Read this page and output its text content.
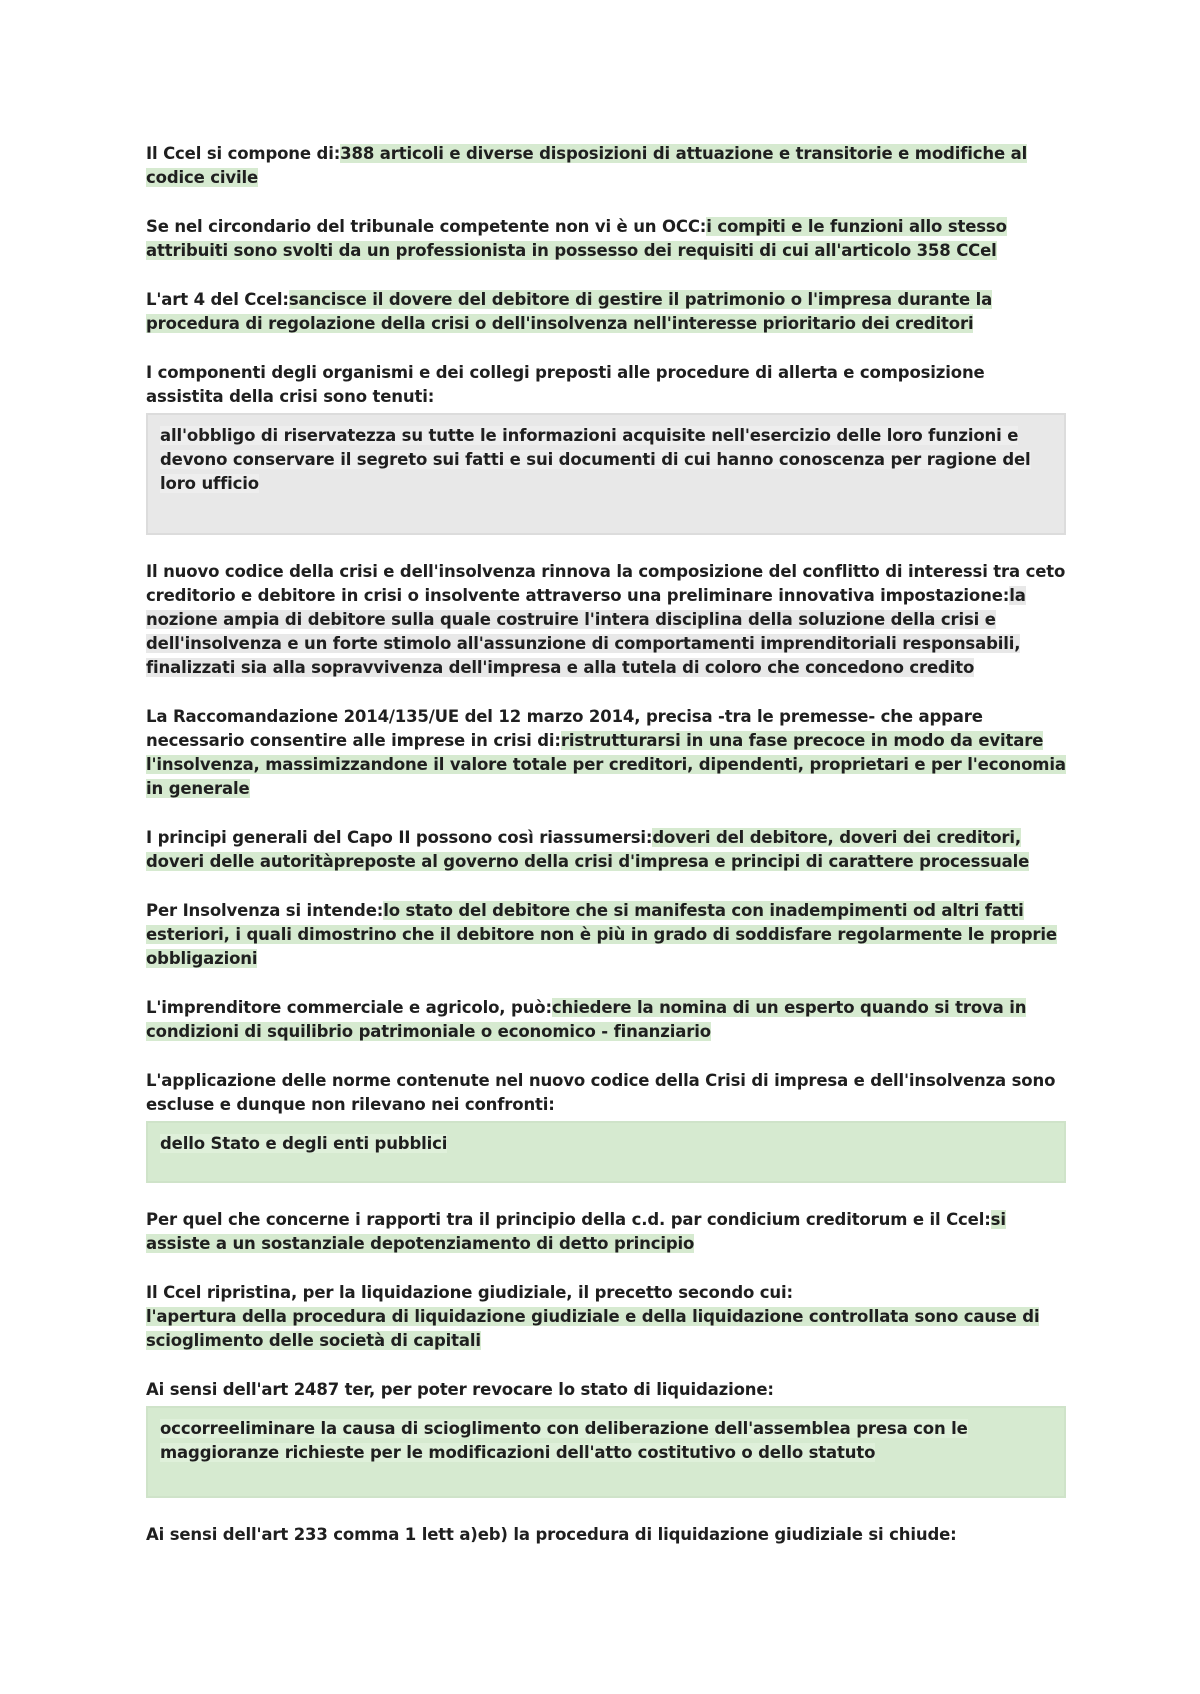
Il Ccel si compone di:388 articoli e diverse disposizioni di attuazione e transitorie e modifiche al codice civile
Se nel circondario del tribunale competente non vi è un OCC:i compiti e le funzioni allo stesso attribuiti sono svolti da un professionista in possesso dei requisiti di cui all'articolo 358 CCel
L'art 4 del Ccel:sancisce il dovere del debitore di gestire il patrimonio o l'impresa durante la procedura di regolazione della crisi o dell'insolvenza nell'interesse prioritario dei creditori
I componenti degli organismi e dei collegi preposti alle procedure di allerta e composizione assistita della crisi sono tenuti:
all'obbligo di riservatezza su tutte le informazioni acquisite nell'esercizio delle loro funzioni e devono conservare il segreto sui fatti e sui documenti di cui hanno conoscenza per ragione del loro ufficio
Il nuovo codice della crisi e dell'insolvenza rinnova la composizione del conflitto di interessi tra ceto creditorio e debitore in crisi o insolvente attraverso una preliminare innovativa impostazione:la nozione ampia di debitore sulla quale costruire l'intera disciplina della soluzione della crisi e dell'insolvenza e un forte stimolo all'assunzione di comportamenti imprenditoriali responsabili, finalizzati sia alla sopravvivenza dell'impresa e alla tutela di coloro che concedono credito
La Raccomandazione 2014/135/UE del 12 marzo 2014, precisa -tra le premesse- che appare necessario consentire alle imprese in crisi di:ristrutturarsi in una fase precoce in modo da evitare l'insolvenza, massimizzandone il valore totale per creditori, dipendenti, proprietari e per l'economia in generale
I principi generali del Capo II possono così riassumersi:doveri del debitore, doveri dei creditori, doveri delle autoritàpreposte al governo della crisi d'impresa e principi di carattere processuale
Per Insolvenza si intende:lo stato del debitore che si manifesta con inadempimenti od altri fatti esteriori, i quali dimostrino che il debitore non è più in grado di soddisfare regolarmente le proprie obbligazioni
L'imprenditore commerciale e agricolo, può:chiedere la nomina di un esperto quando si trova in condizioni di squilibrio patrimoniale o economico - finanziario
L'applicazione delle norme contenute nel nuovo codice della Crisi di impresa e dell'insolvenza sono escluse e dunque non rilevano nei confronti:
dello Stato e degli enti pubblici
Per quel che concerne i rapporti tra il principio della c.d. par condicium creditorum e il Ccel:si assiste a un sostanziale depotenziamento di detto principio
Il Ccel ripristina, per la liquidazione giudiziale, il precetto secondo cui:
l'apertura della procedura di liquidazione giudiziale e della liquidazione controllata sono cause di scioglimento delle società di capitali
Ai sensi dell'art 2487 ter, per poter revocare lo stato di liquidazione:
occorreeliminare la causa di scioglimento con deliberazione dell'assemblea presa con le maggioranze richieste per le modificazioni dell'atto costitutivo o dello statuto
Ai sensi dell'art 233 comma 1 lett a)eb) la procedura di liquidazione giudiziale si chiude:
